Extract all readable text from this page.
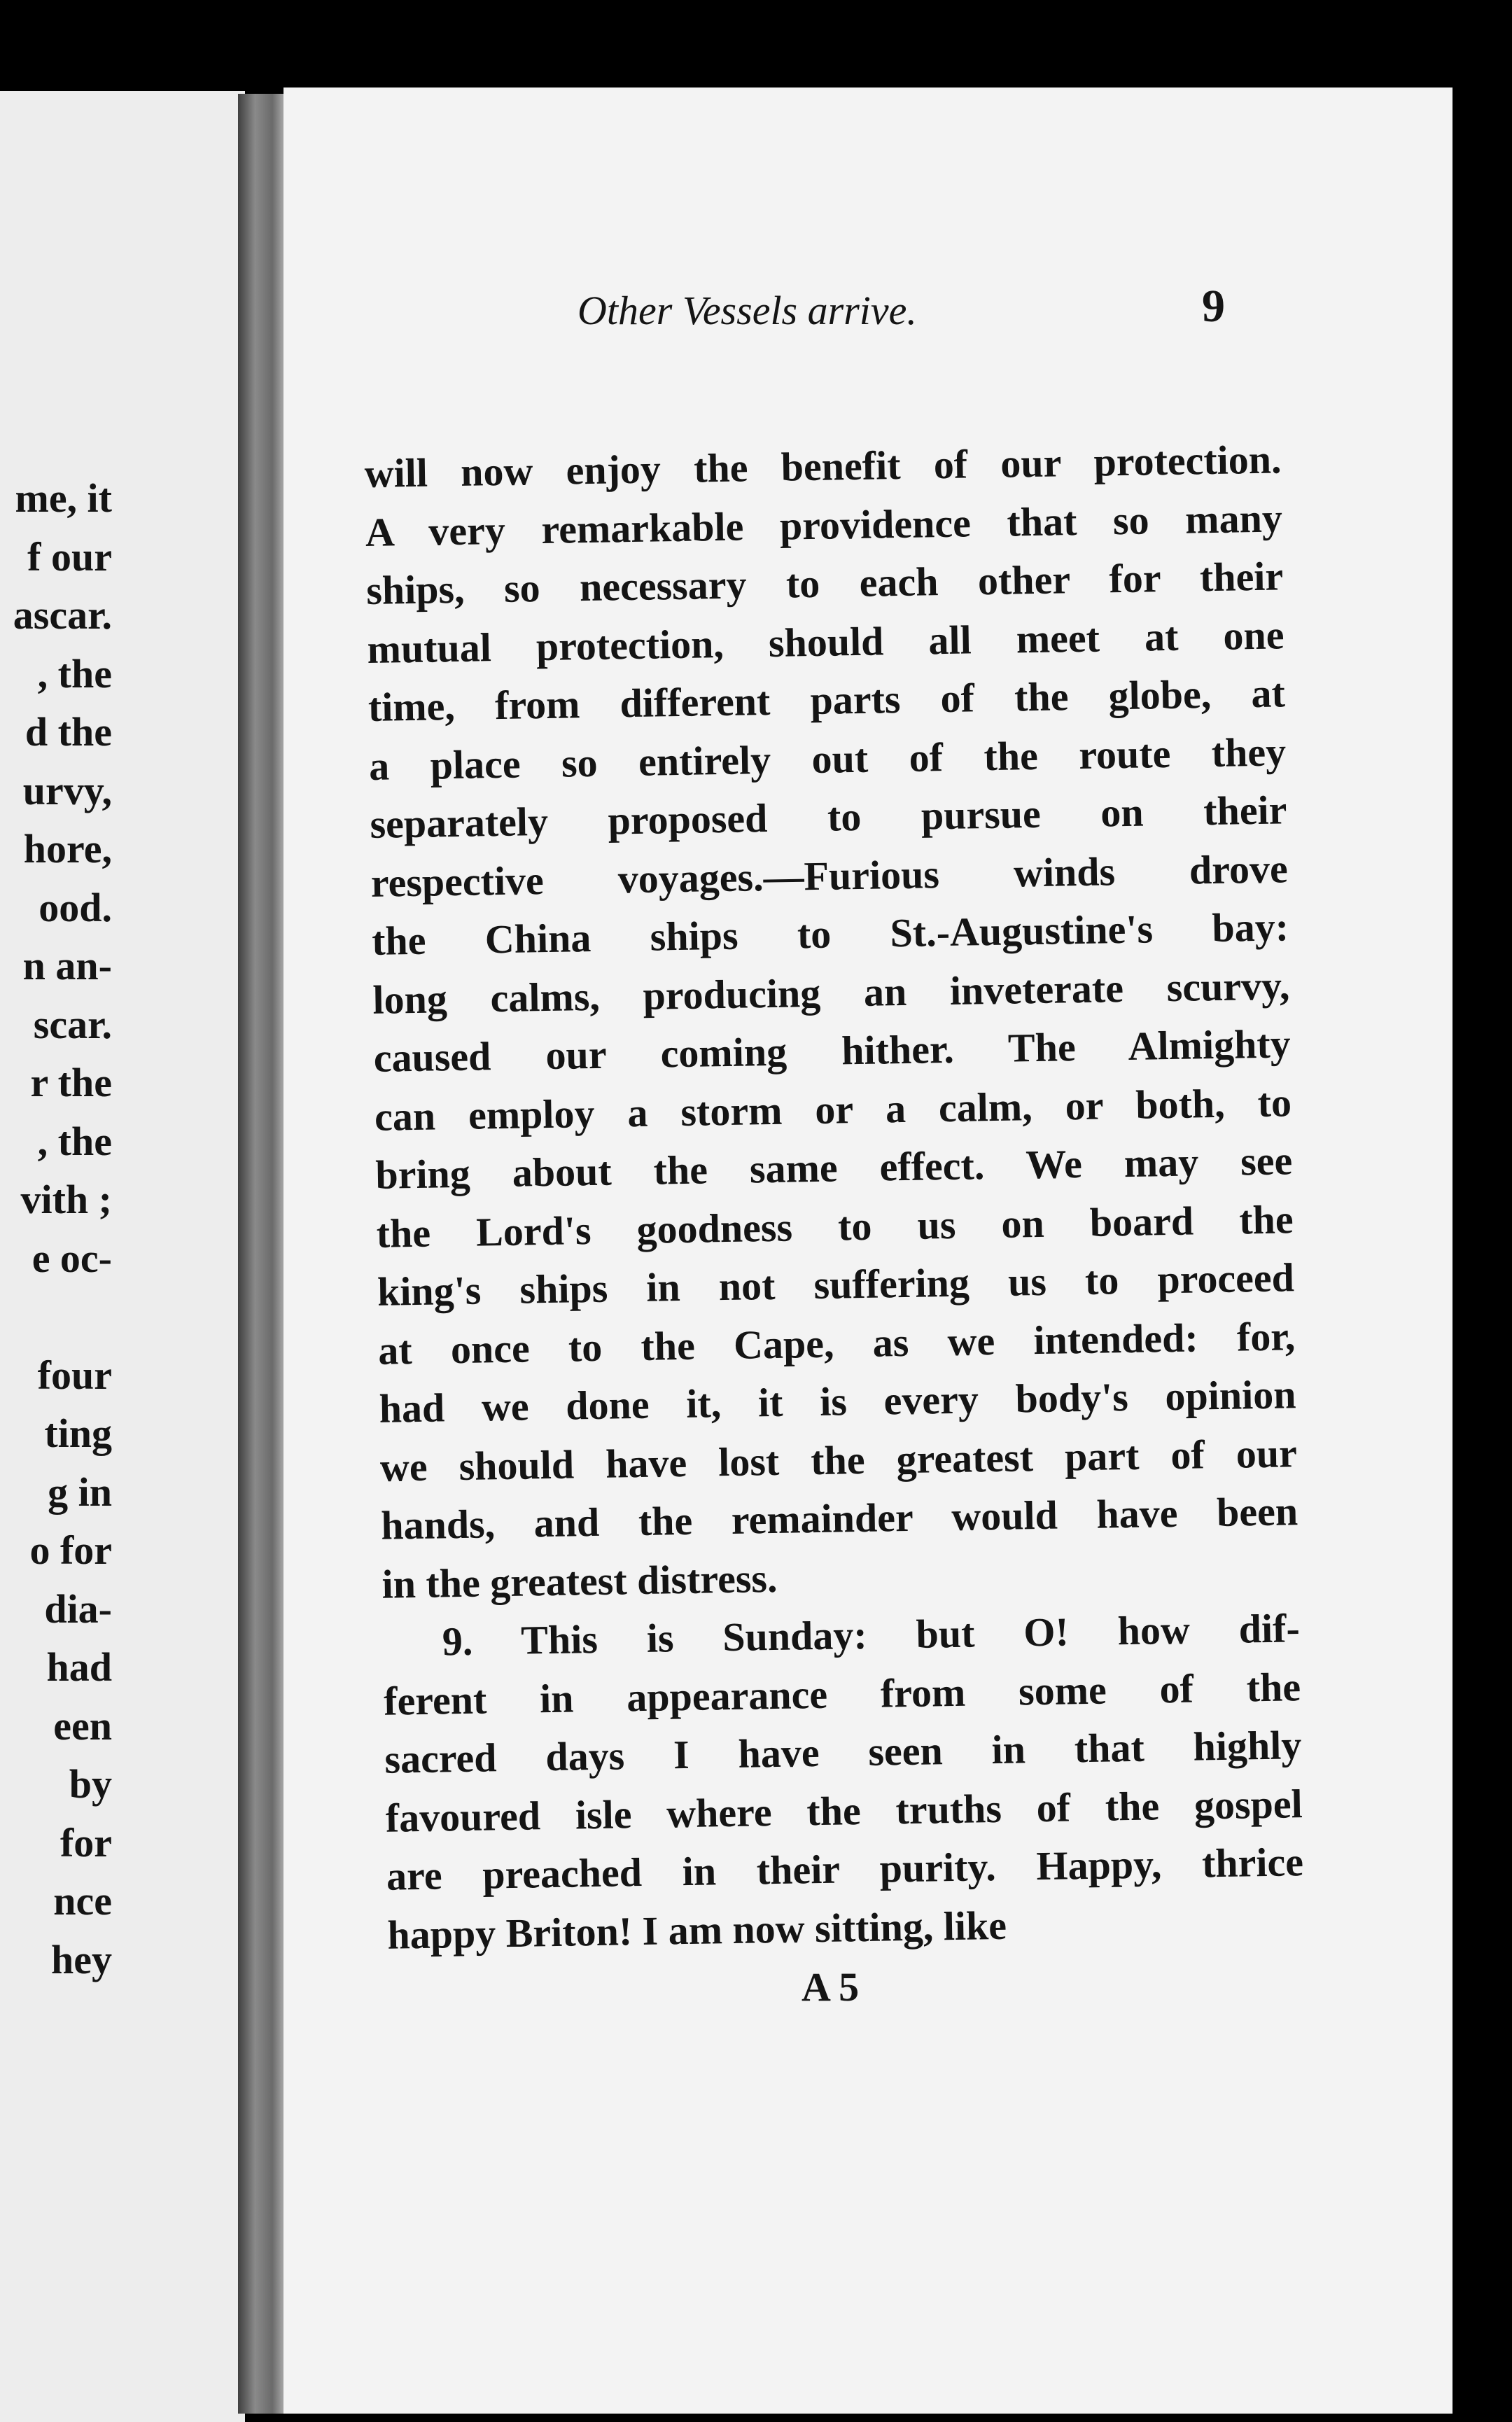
me, it
f our
ascar.
, the
d the
urvy,
hore,
ood.
n an-
scar.
r the
, the
vith ;
e oc-
four
ting
g in
o for
dia-
had
een
by
for
nce
hey
Other Vessels arrive.	9
will now enjoy the benefit of our protection.
A very remarkable providence that so many
ships, so necessary to each other for their
mutual protection, should all meet at one
time, from different parts of the globe, at
a place so entirely out of the route they
separately proposed to pursue on their
respective voyages.—Furious winds drove
the China ships to St.-Augustine's bay:
long calms, producing an inveterate scurvy,
caused our coming hither. The Almighty
can employ a storm or a calm, or both, to
bring about the same effect. We may see
the Lord's goodness to us on board the
king's ships in not suffering us to proceed
at once to the Cape, as we intended: for,
had we done it, it is every body's opinion
we should have lost the greatest part of our
hands, and the remainder would have been
in the greatest distress.
9. This is Sunday: but O! how dif-
ferent in appearance from some of the
sacred days I have seen in that highly
favoured isle where the truths of the gospel
are preached in their purity. Happy, thrice
happy Briton! I am now sitting, like
A 5
